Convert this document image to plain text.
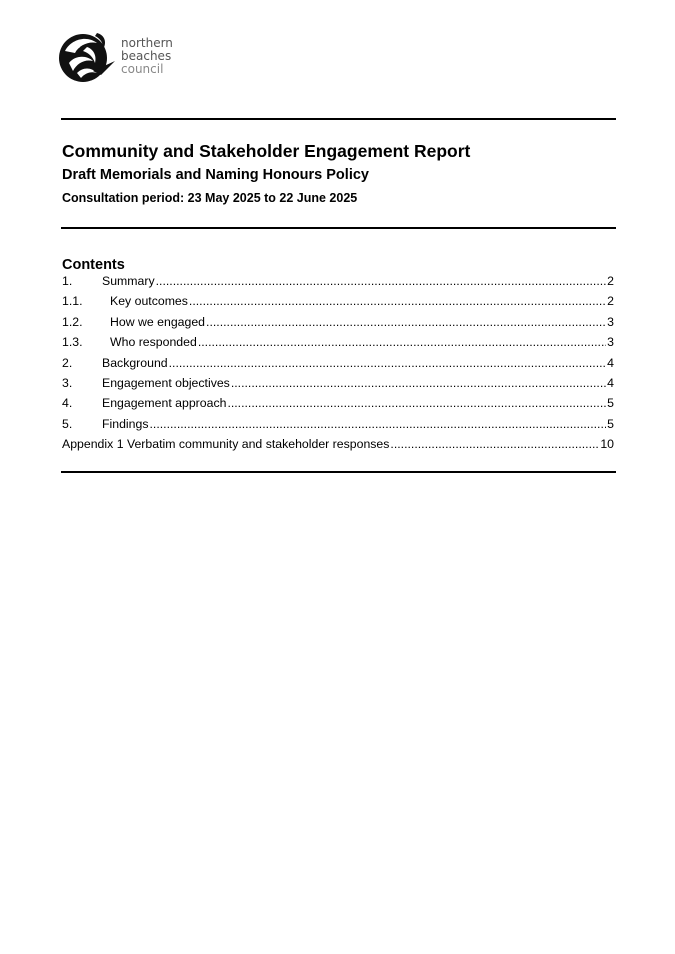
northern
beaches
council
Community and Stakeholder Engagement Report
Draft Memorials and Naming Honours Policy
Consultation period: 23 May 2025 to 22 June 2025
Contents
1. Summary .....	2
1.1. Key outcomes .....	2
1.2. How we engaged .....	3
1.3. Who responded .....	3
2. Background .....	4
3. Engagement objectives .....	4
4. Engagement approach .....	5
5. Findings .....	5
Appendix 1 Verbatim community and stakeholder responses .....	10
